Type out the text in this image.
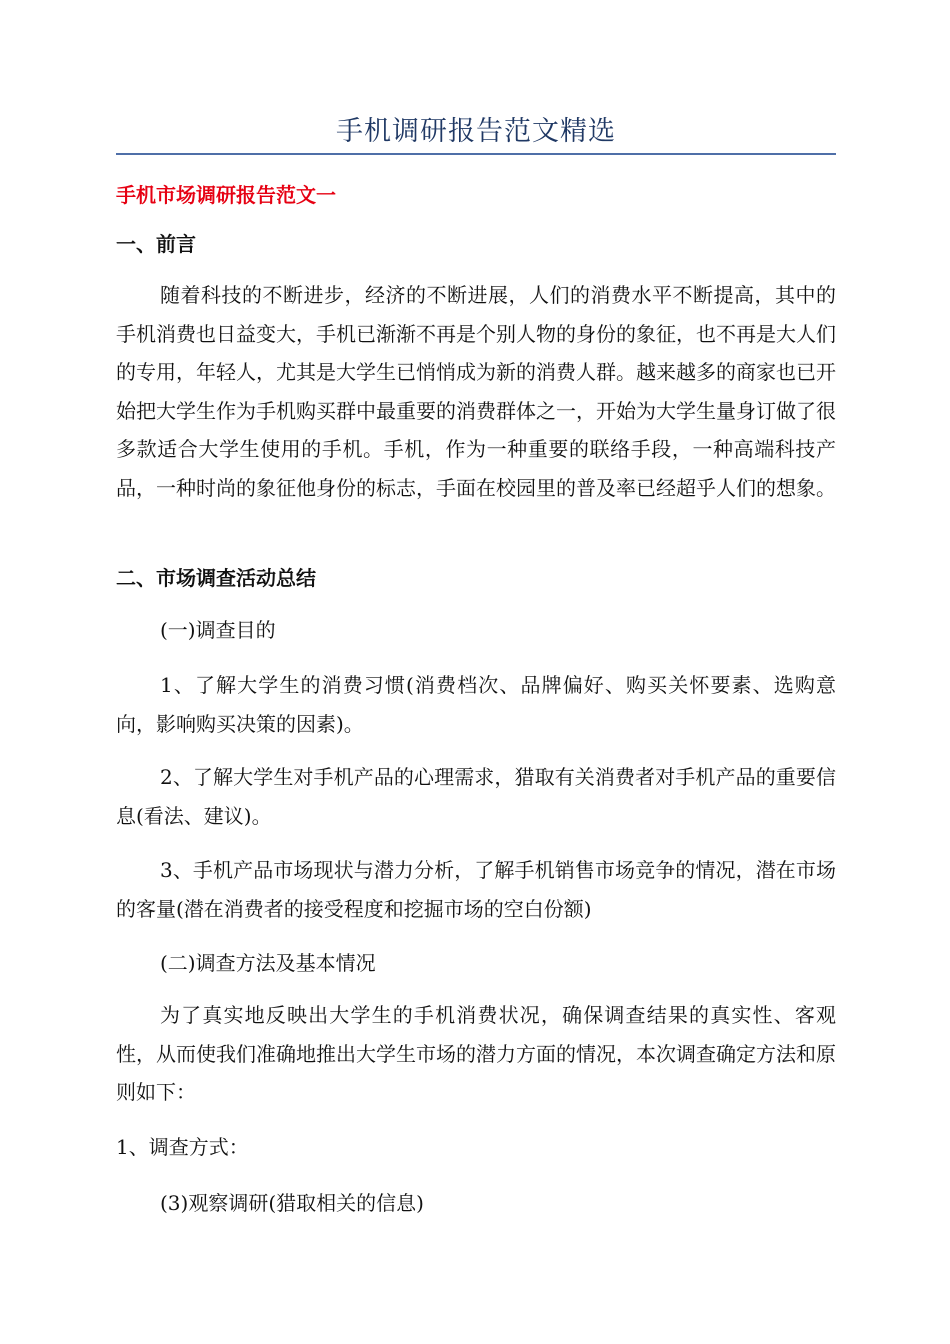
手机调研报告范文精选
手机市场调研报告范文一
一、前言

随着科技的不断进步，经济的不断进展，人们的消费水平不断提高，其中的手机消费也日益变大，手机已渐渐不再是个别人物的身份的象征，也不再是大人们的专用，年轻人，尤其是大学生已悄悄成为新的消费人群。越来越多的商家也已开始把大学生作为手机购买群中最重要的消费群体之一，开始为大学生量身订做了很多款适合大学生使用的手机。手机，作为一种重要的联络手段，一种高端科技产品，一种时尚的象征他身份的标志，手面在校园里的普及率已经超乎人们的想象。

二、市场调查活动总结

(一)调查目的

1、了解大学生的消费习惯(消费档次、品牌偏好、购买关怀要素、选购意向，影响购买决策的因素)。

2、了解大学生对手机产品的心理需求，猎取有关消费者对手机产品的重要信息(看法、建议)。

3、手机产品市场现状与潜力分析，了解手机销售市场竞争的情况，潜在市场的客量(潜在消费者的接受程度和挖掘市场的空白份额)

(二)调查方法及基本情况

为了真实地反映出大学生的手机消费状况，确保调查结果的真实性、客观性，从而使我们准确地推出大学生市场的潜力方面的情况，本次调查确定方法和原则如下：

1、调查方式：

(3)观察调研(猎取相关的信息)
